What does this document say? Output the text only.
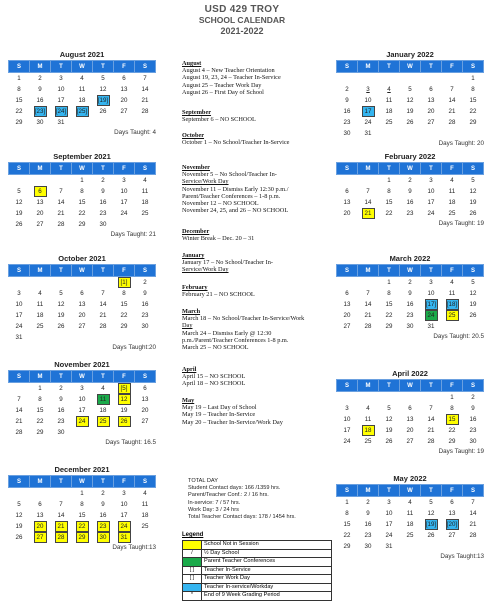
USD 429 TROY
SCHOOL CALENDAR
2021-2022
August 2021
S	M	T	W	T	F	S
1	2	3	4	5	6	7
8	9	10	11	12	13	14
15	16	17	18	[19]	20	21
22	[23]	[24]	[25]	26	27	28
29	30	31				
Days Taught: 4
September 2021
S	M	T	W	T	F	S
			1	2	3	4
5	6	7	8	9	10	11
12	13	14	15	16	17	18
19	20	21	22	23	24	25
26	27	28	29	30		
Days Taught: 21
October 2021
S	M	T	W	T	F	S
					[1]	2
3	4	5	6	7	8	9
10	11	12	13	14	15	16
17	18	19	20	21	22	23
24	25	26	27	28	29	30
31						
Days Taught:20
November 2021
S	M	T	W	T	F	S
	1	2	3	4	[5]	6
7	8	9	10	11	12	13
14	15	16	17	18	19	20
21	22	23	24	25	26	27
28	29	30				
Days Taught: 16.5
December 2021
S	M	T	W	T	F	S
			1	2	3	4
5	6	7	8	9	10	11
12	13	14	15	16	17	18
19	20	21	22	23	24	25
26	27	28	29	30	31	
Days Taught:13
January 2022
S	M	T	W	T	F	S
						1
2	3	4	5	6	7	8
9	10	11	12	13	14	15
16	17	18	19	20	21	22
23	24	25	26	27	28	29
30	31					
Days Taught: 20
February 2022
S	M	T	W	T	F	S
		1	2	3	4	5
6	7	8	9	10	11	12
13	14	15	16	17	18	19
20	21	22	23	24	25	26
Days Taught: 19
March 2022
S	M	T	W	T	F	S
		1	2	3	4	5
6	7	8	9	10	11	12
13	14	15	16	[17]	[18]	19
20	21	22	23	24	25	26
27	28	29	30	31		
Days Taught: 20.5
April 2022
S	M	T	W	T	F	S
					1	2
3	4	5	6	7	8	9
10	11	12	13	14	15	16
17	18	19	20	21	22	23
24	25	26	27	28	29	30
Days Taught: 19
May 2022
S	M	T	W	T	F	S
1	2	3	4	5	6	7
8	9	10	11	12	13	14
15	16	17	18	[19]	[20]	21
22	23	24	25	26	27	28
29	30	31				
Days Taught:13
August
August 4 – New Teacher Orientation
August 19, 23, 24 – Teacher In-Service
August 25 – Teacher Work Day
August 26 – First Day of School
September
September 6 – NO SCHOOL
October
October 1 – No School/Teacher In-Service
November
November 5 – No School/Teacher In-
Service/Work Day
November 11 – Dismiss Early 12:30 p.m./
Parent/Teacher Conferences – 1-8 p.m.
November 12 – NO SCHOOL
November 24, 25, and 26 – NO SCHOOL
December
Winter Break – Dec. 20 – 31
January
January 17 – No School/Teacher In-
Service/Work Day
February
February 21 – NO SCHOOL
March
March 18 – No School/Teacher In-Service/Work
Day
March 24 – Dismiss Early @ 12:30
p.m./Parent/Teacher Conferences 1-8 p.m.
March 25 – NO SCHOOL
April
April 15 – NO SCHOOL
April 18 – NO SCHOOL
May
May 19 – Last Day of School
May 19 – Teacher In-Service
May 20 – Teacher In-Service/Work Day
TOTAL DAY
Student Contact days: 166 /1359 hrs.
Parent/Teacher Conf.: 2 / 16 hrs.
In-service: 7 / 57 hrs.
Work Day: 3 / 24 hrs
Total Teacher Contact days: 178 / 1454 hrs.
Legend
	School Not in Session
/	½ Day School
	Parent Teacher Conferences
[ ]	Teacher In-Service
[ ]	Teacher Work Day
	Teacher In-service/Workday
*	End of 9 Week Grading Period
